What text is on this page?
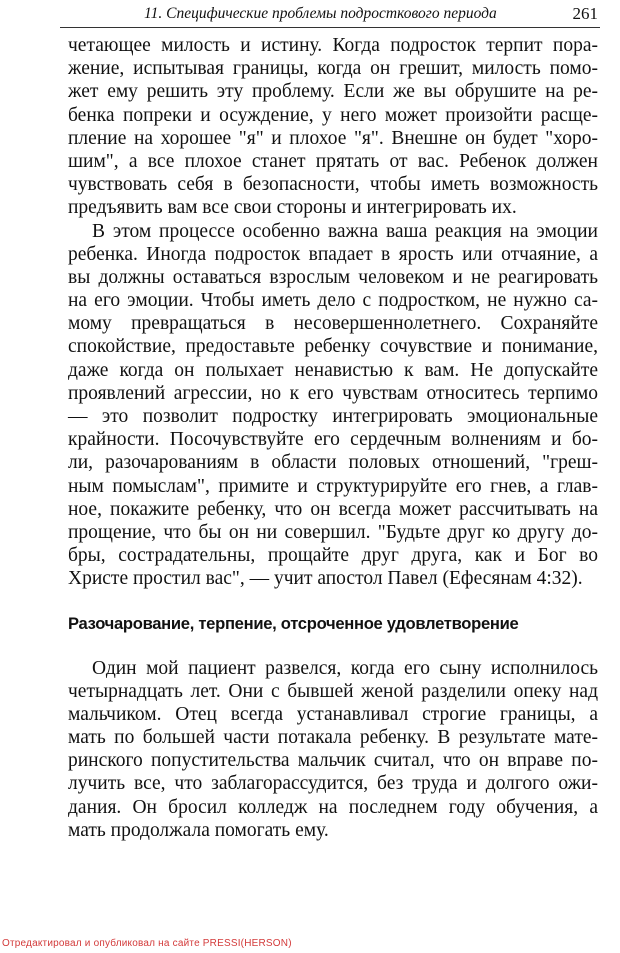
11. Специфические проблемы подросткового периода	261
четающее милость и истину. Когда подросток терпит пора-
жение, испытывая границы, когда он грешит, милость помо-
жет ему решить эту проблему. Если же вы обрушите на ре-
бенка попреки и осуждение, у него может произойти расще-
пление на хорошее "я" и плохое "я". Внешне он будет "хоро-
шим", а все плохое станет прятать от вас. Ребенок должен
чувствовать себя в безопасности, чтобы иметь возможность
предъявить вам все свои стороны и интегрировать их.
В этом процессе особенно важна ваша реакция на эмоции
ребенка. Иногда подросток впадает в ярость или отчаяние, а
вы должны оставаться взрослым человеком и не реагировать
на его эмоции. Чтобы иметь дело с подростком, не нужно са-
мому превращаться в несовершеннолетнего. Сохраняйте
спокойствие, предоставьте ребенку сочувствие и понимание,
даже когда он полыхает ненавистью к вам. Не допускайте
проявлений агрессии, но к его чувствам относитесь терпимо
— это позволит подростку интегрировать эмоциональные
крайности. Посочувствуйте его сердечным волнениям и бо-
ли, разочарованиям в области половых отношений, "греш-
ным помыслам", примите и структурируйте его гнев, а глав-
ное, покажите ребенку, что он всегда может рассчитывать на
прощение, что бы он ни совершил. "Будьте друг ко другу до-
бры, сострадательны, прощайте друг друга, как и Бог во
Христе простил вас", — учит апостол Павел (Ефесянам 4:32).
Разочарование, терпение, отсроченное удовлетворение
Один мой пациент развелся, когда его сыну исполнилось
четырнадцать лет. Они с бывшей женой разделили опеку над
мальчиком. Отец всегда устанавливал строгие границы, а
мать по большей части потакала ребенку. В результате мате-
ринского попустительства мальчик считал, что он вправе по-
лучить все, что заблагорассудится, без труда и долгого ожи-
дания. Он бросил колледж на последнем году обучения, а
мать продолжала помогать ему.
Отредактировал и опубликовал на сайте PRESSI(HERSON)
